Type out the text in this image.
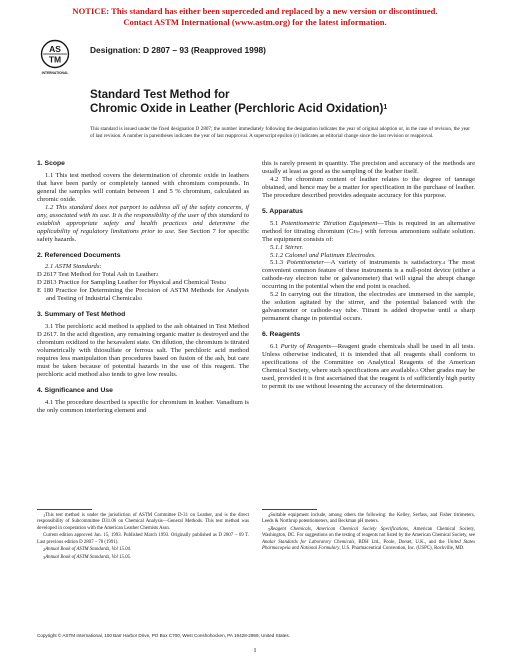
NOTICE: This standard has either been superceded and replaced by a new version or discontinued.
Contact ASTM International (www.astm.org) for the latest information.
AS
TM
INTERNATIONAL
Designation: D 2807 – 93 (Reapproved 1998)
Standard Test Method for
Chromic Oxide in Leather (Perchloric Acid Oxidation)$^1$
This standard is issued under the fixed designation D 2807; the number immediately following the designation indicates the year of original adoption or, in the case of revision, the year of last revision. A number in parentheses indicates the year of last reapproval. A superscript epsilon (ε) indicates an editorial change since the last revision or reapproval.
1. Scope

1.1 This test method covers the determination of chromic oxide in leathers that have been partly or completely tanned with chromium compounds. In general the samples will contain between 1 and 5 % chromium, calculated as chromic oxide.

1.2 This standard does not purport to address all of the safety concerns, if any, associated with its use. It is the responsibility of the user of this standard to establish appropriate safety and health practices and determine the applicability of regulatory limitations prior to use. See Section 7 for specific safety hazards.

2. Referenced Documents

2.1 ASTM Standards:

D 2617 Test Method for Total Ash in Leather$^2$

D 2813 Practice for Sampling Leather for Physical and Chemical Tests$^2$

E 180 Practice for Determining the Precision of ASTM Methods for Analysis and Testing of Industrial Chemicals$^3$

3. Summary of Test Method

3.1 The perchloric acid method is applied to the ash obtained in Test Method D 2617. In the acid digestion, any remaining organic matter is destroyed and the chromium oxidized to the hexavalent state. On dilution, the chromium is titrated volumetrically with thiosulfate or ferrous salt. The perchloric acid method requires less manipulation than procedures based on fusion of the ash, but care must be taken because of potential hazards in the use of this reagent. The perchloric acid method also tends to give low results.

4. Significance and Use

4.1 The procedure described is specific for chromium in leather. Vanadium is the only common interfering element and

this is rarely present in quantity. The precision and accuracy of the methods are usually at least as good as the sampling of the leather itself.

4.2 The chromium content of leather relates to the degree of tannage obtained, and hence may be a matter for specification in the purchase of leather. The procedure described provides adequate accuracy for this purpose.

5. Apparatus

5.1 Potentiometric Titration Equipment—This is required in an alternative method for titrating chromium $(Cr^{6+})$ with ferrous ammonium sulfate solution. The equipment consists of:

5.1.1 Stirrer.

5.1.2 Calomel and Platinum Electrodes.

5.1.3 Potentiometer—A variety of instruments is satisfactory.$^4$ The most convenient common feature of these instruments is a null-point device (either a cathode-ray electron tube or galvanometer) that will signal the abrupt change occurring in the potential when the end point is reached.

5.2 In carrying out the titration, the electrodes are immersed in the sample, the solution agitated by the stirrer, and the potential balanced with the galvanometer or cathode-ray tube. Titrant is added dropwise until a sharp permanent change in potential occurs.

6. Reagents

6.1 Purity of Reagents—Reagent grade chemicals shall be used in all tests. Unless otherwise indicated, it is intended that all reagents shall conform to specifications of the Committee on Analytical Reagents of the American Chemical Society, where such specifications are available.$^5$ Other grades may be used, provided it is first ascertained that the reagent is of sufficiently high purity to permit its use without lessening the accuracy of the determination.

$^1$This test method is under the jurisdiction of ASTM Committee D-31 on Leather, and is the direct responsibility of Subcommittee D31.06 on Chemical Analysis—General Methods. This test method was developed in cooperation with the American Leather Chemists Assn.

Current edition approved Jan. 15, 1993. Published March 1993. Originally published as D 2807 – 69 T. Last previous edition D 2807 – 78 (1991).

$^2$Annual Book of ASTM Standards, Vol 15.04.

$^3$Annual Book of ASTM Standards, Vol 15.05.

$^4$Suitable equipment include, among others the following: the Kelley, Serfass, and Fisher titrimeters, Leeds & Northrup potentiometers, and Beckman pH meters.

$^5$Reagent Chemicals, American Chemical Society Specifications, American Chemical Society, Washington, DC. For suggestions on the testing of reagents not listed by the American Chemical Society, see Analar Standards for Laboratory Chemicals, BDH Ltd., Poole, Dorset, U.K., and the United States Pharmacopeia and National Formulary, U.S. Pharmaceutical Convention, Inc. (USPC), Rockville, MD.

Copyright © ASTM International, 100 Barr Harbor Drive, PO Box C700, West Conshohocken, PA 19428-2959, United States.
1
